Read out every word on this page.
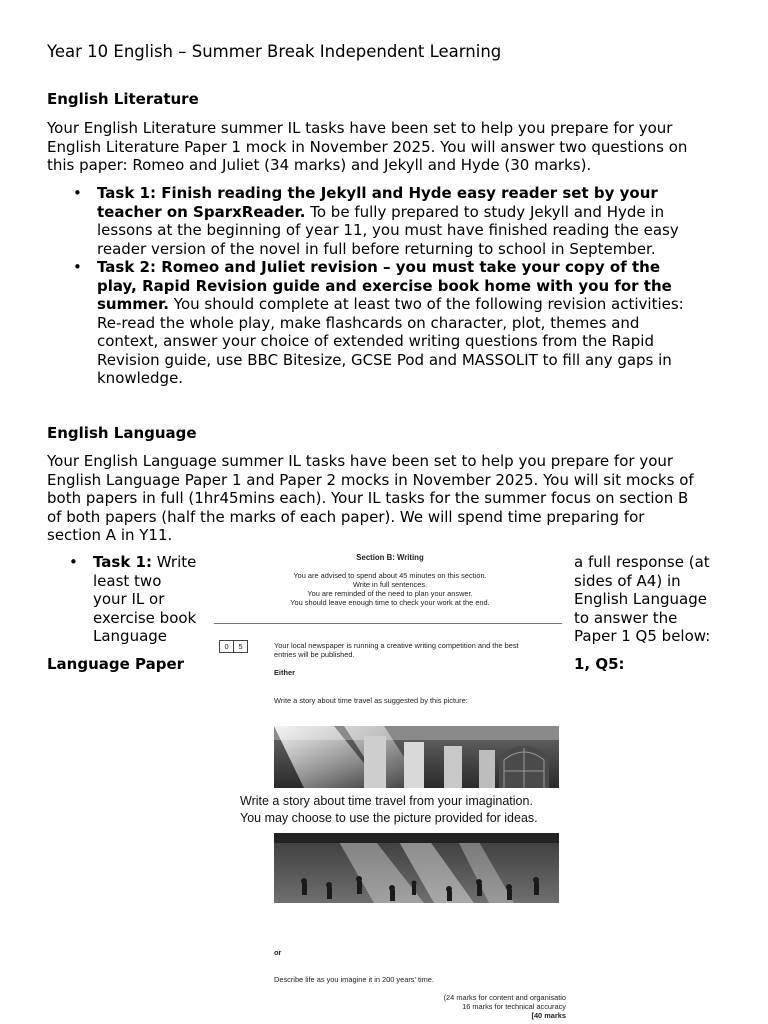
Year 10 English – Summer Break Independent Learning
English Literature
Your English Literature summer IL tasks have been set to help you prepare for your
English Literature Paper 1 mock in November 2025. You will answer two questions on
this paper: Romeo and Juliet (34 marks) and Jekyll and Hyde (30 marks).
• Task 1: Finish reading the Jekyll and Hyde easy reader set by your
teacher on SparxReader. To be fully prepared to study Jekyll and Hyde in
lessons at the beginning of year 11, you must have finished reading the easy
reader version of the novel in full before returning to school in September.
• Task 2: Romeo and Juliet revision – you must take your copy of the
play, Rapid Revision guide and exercise book home with you for the
summer. You should complete at least two of the following revision activities:
Re-read the whole play, make flashcards on character, plot, themes and
context, answer your choice of extended writing questions from the Rapid
Revision guide, use BBC Bitesize, GCSE Pod and MASSOLIT to fill any gaps in
knowledge.
English Language
Your English Language summer IL tasks have been set to help you prepare for your
English Language Paper 1 and Paper 2 mocks in November 2025. You will sit mocks of
both papers in full (1hr45mins each). Your IL tasks for the summer focus on section B
of both papers (half the marks of each paper). We will spend time preparing for
section A in Y11.
• Task 1: Write
least two
your IL or
exercise book
Language
a full response (at
sides of A4) in
English Language
to answer the
Paper 1 Q5 below:
Language Paper	1, Q5:
Section B: Writing
You are advised to spend about 45 minutes on this section.
Write in full sentences.
You are reminded of the need to plan your answer.
You should leave enough time to check your work at the end.
0	5	Your local newspaper is running a creative writing competition and the best
entries will be published.
Either
Write a story about time travel as suggested by this picture:
or
Describe life as you imagine it in 200 years' time.
(24 marks for content and organisatio
16 marks for technical accuracy
[40 marks
Write a story about time travel from your imagination.
You may choose to use the picture provided for ideas.
